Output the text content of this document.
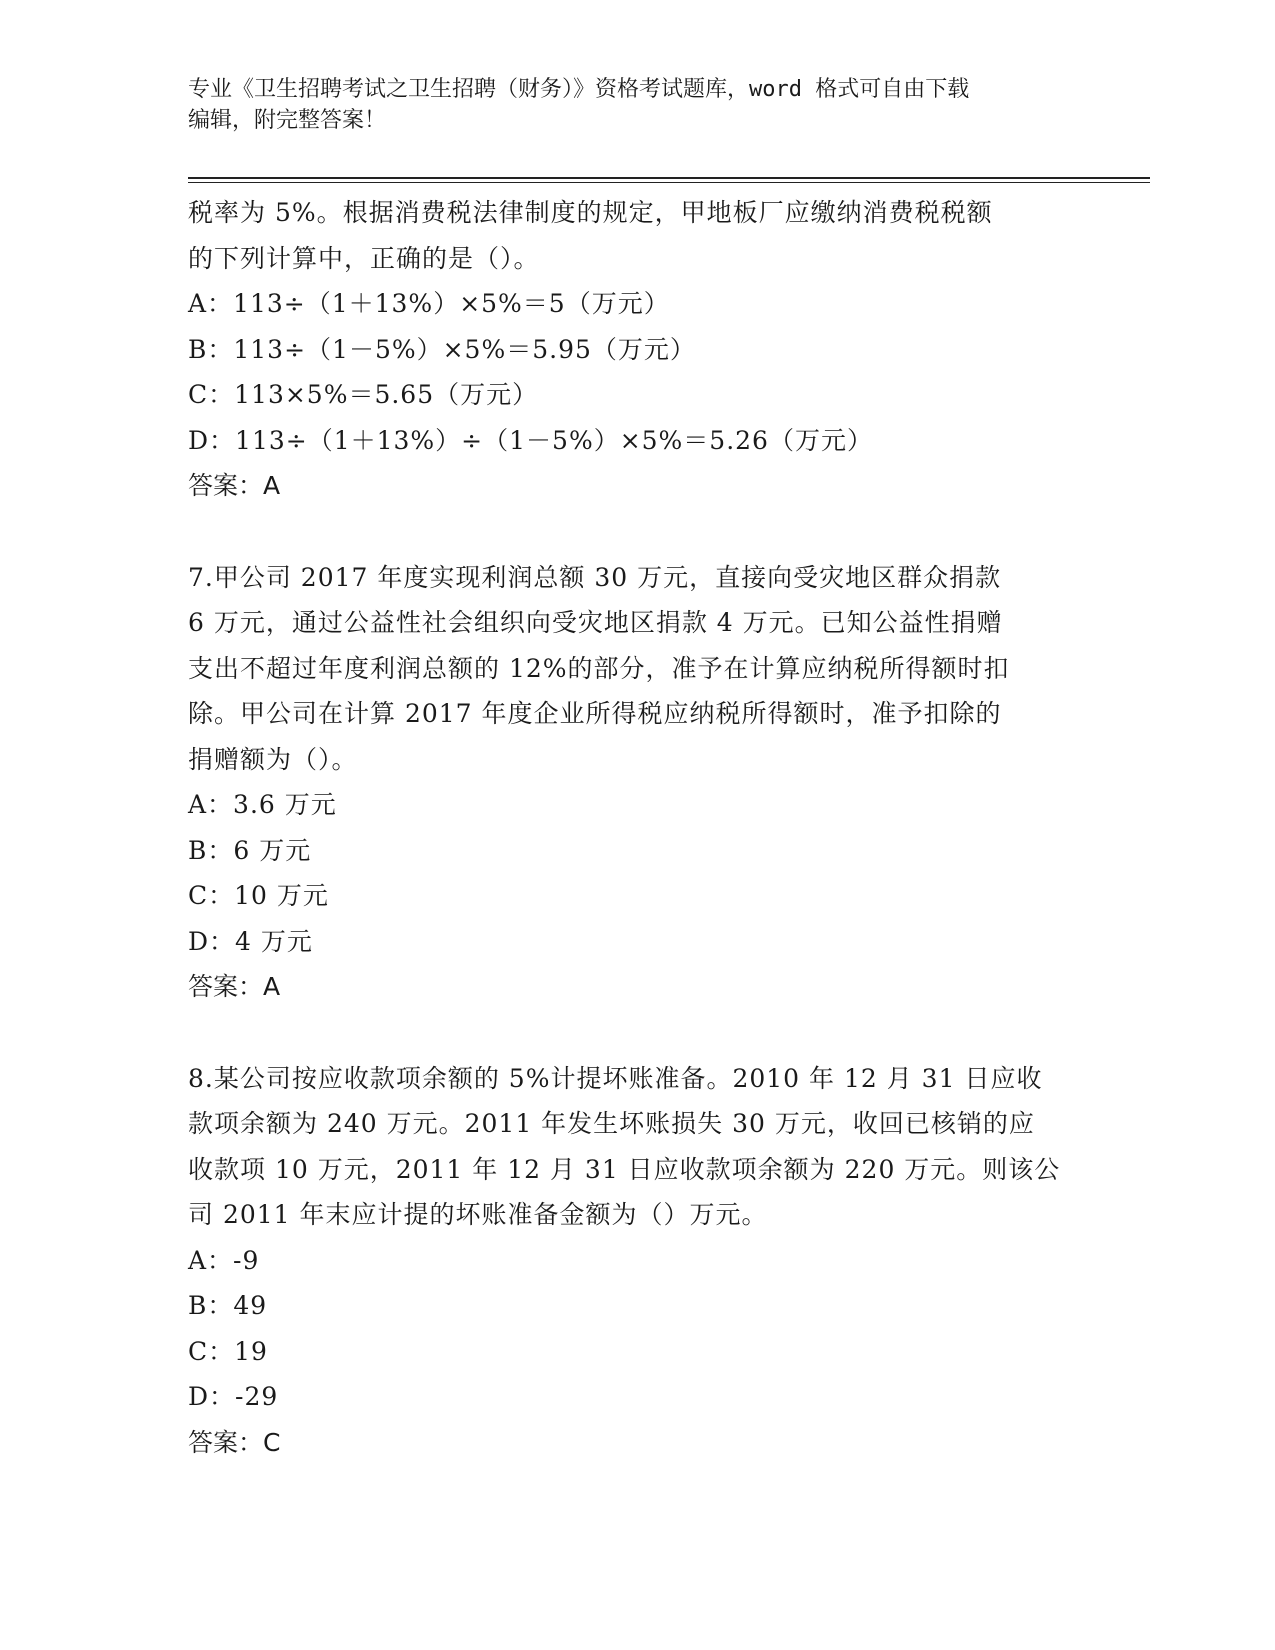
专业《卫生招聘考试之卫生招聘（财务）》资格考试题库，word 格式可自由下载
编辑，附完整答案！
税率为 5%。根据消费税法律制度的规定，甲地板厂应缴纳消费税税额
的下列计算中，正确的是（）。
A：113÷（1＋13%）×5%＝5（万元）
B：113÷（1－5%）×5%＝5.95（万元）
C：113×5%＝5.65（万元）
D：113÷（1＋13%）÷（1－5%）×5%＝5.26（万元）
答案：A
7.甲公司 2017 年度实现利润总额 30 万元，直接向受灾地区群众捐款
6 万元，通过公益性社会组织向受灾地区捐款 4 万元。已知公益性捐赠
支出不超过年度利润总额的 12%的部分，准予在计算应纳税所得额时扣
除。甲公司在计算 2017 年度企业所得税应纳税所得额时，准予扣除的
捐赠额为（）。
A：3.6 万元
B：6 万元
C：10 万元
D：4 万元
答案：A
8.某公司按应收款项余额的 5%计提坏账准备。2010 年 12 月 31 日应收
款项余额为 240 万元。2011 年发生坏账损失 30 万元，收回已核销的应
收款项 10 万元，2011 年 12 月 31 日应收款项余额为 220 万元。则该公
司 2011 年末应计提的坏账准备金额为（）万元。
A：-9
B：49
C：19
D：-29
答案：C
